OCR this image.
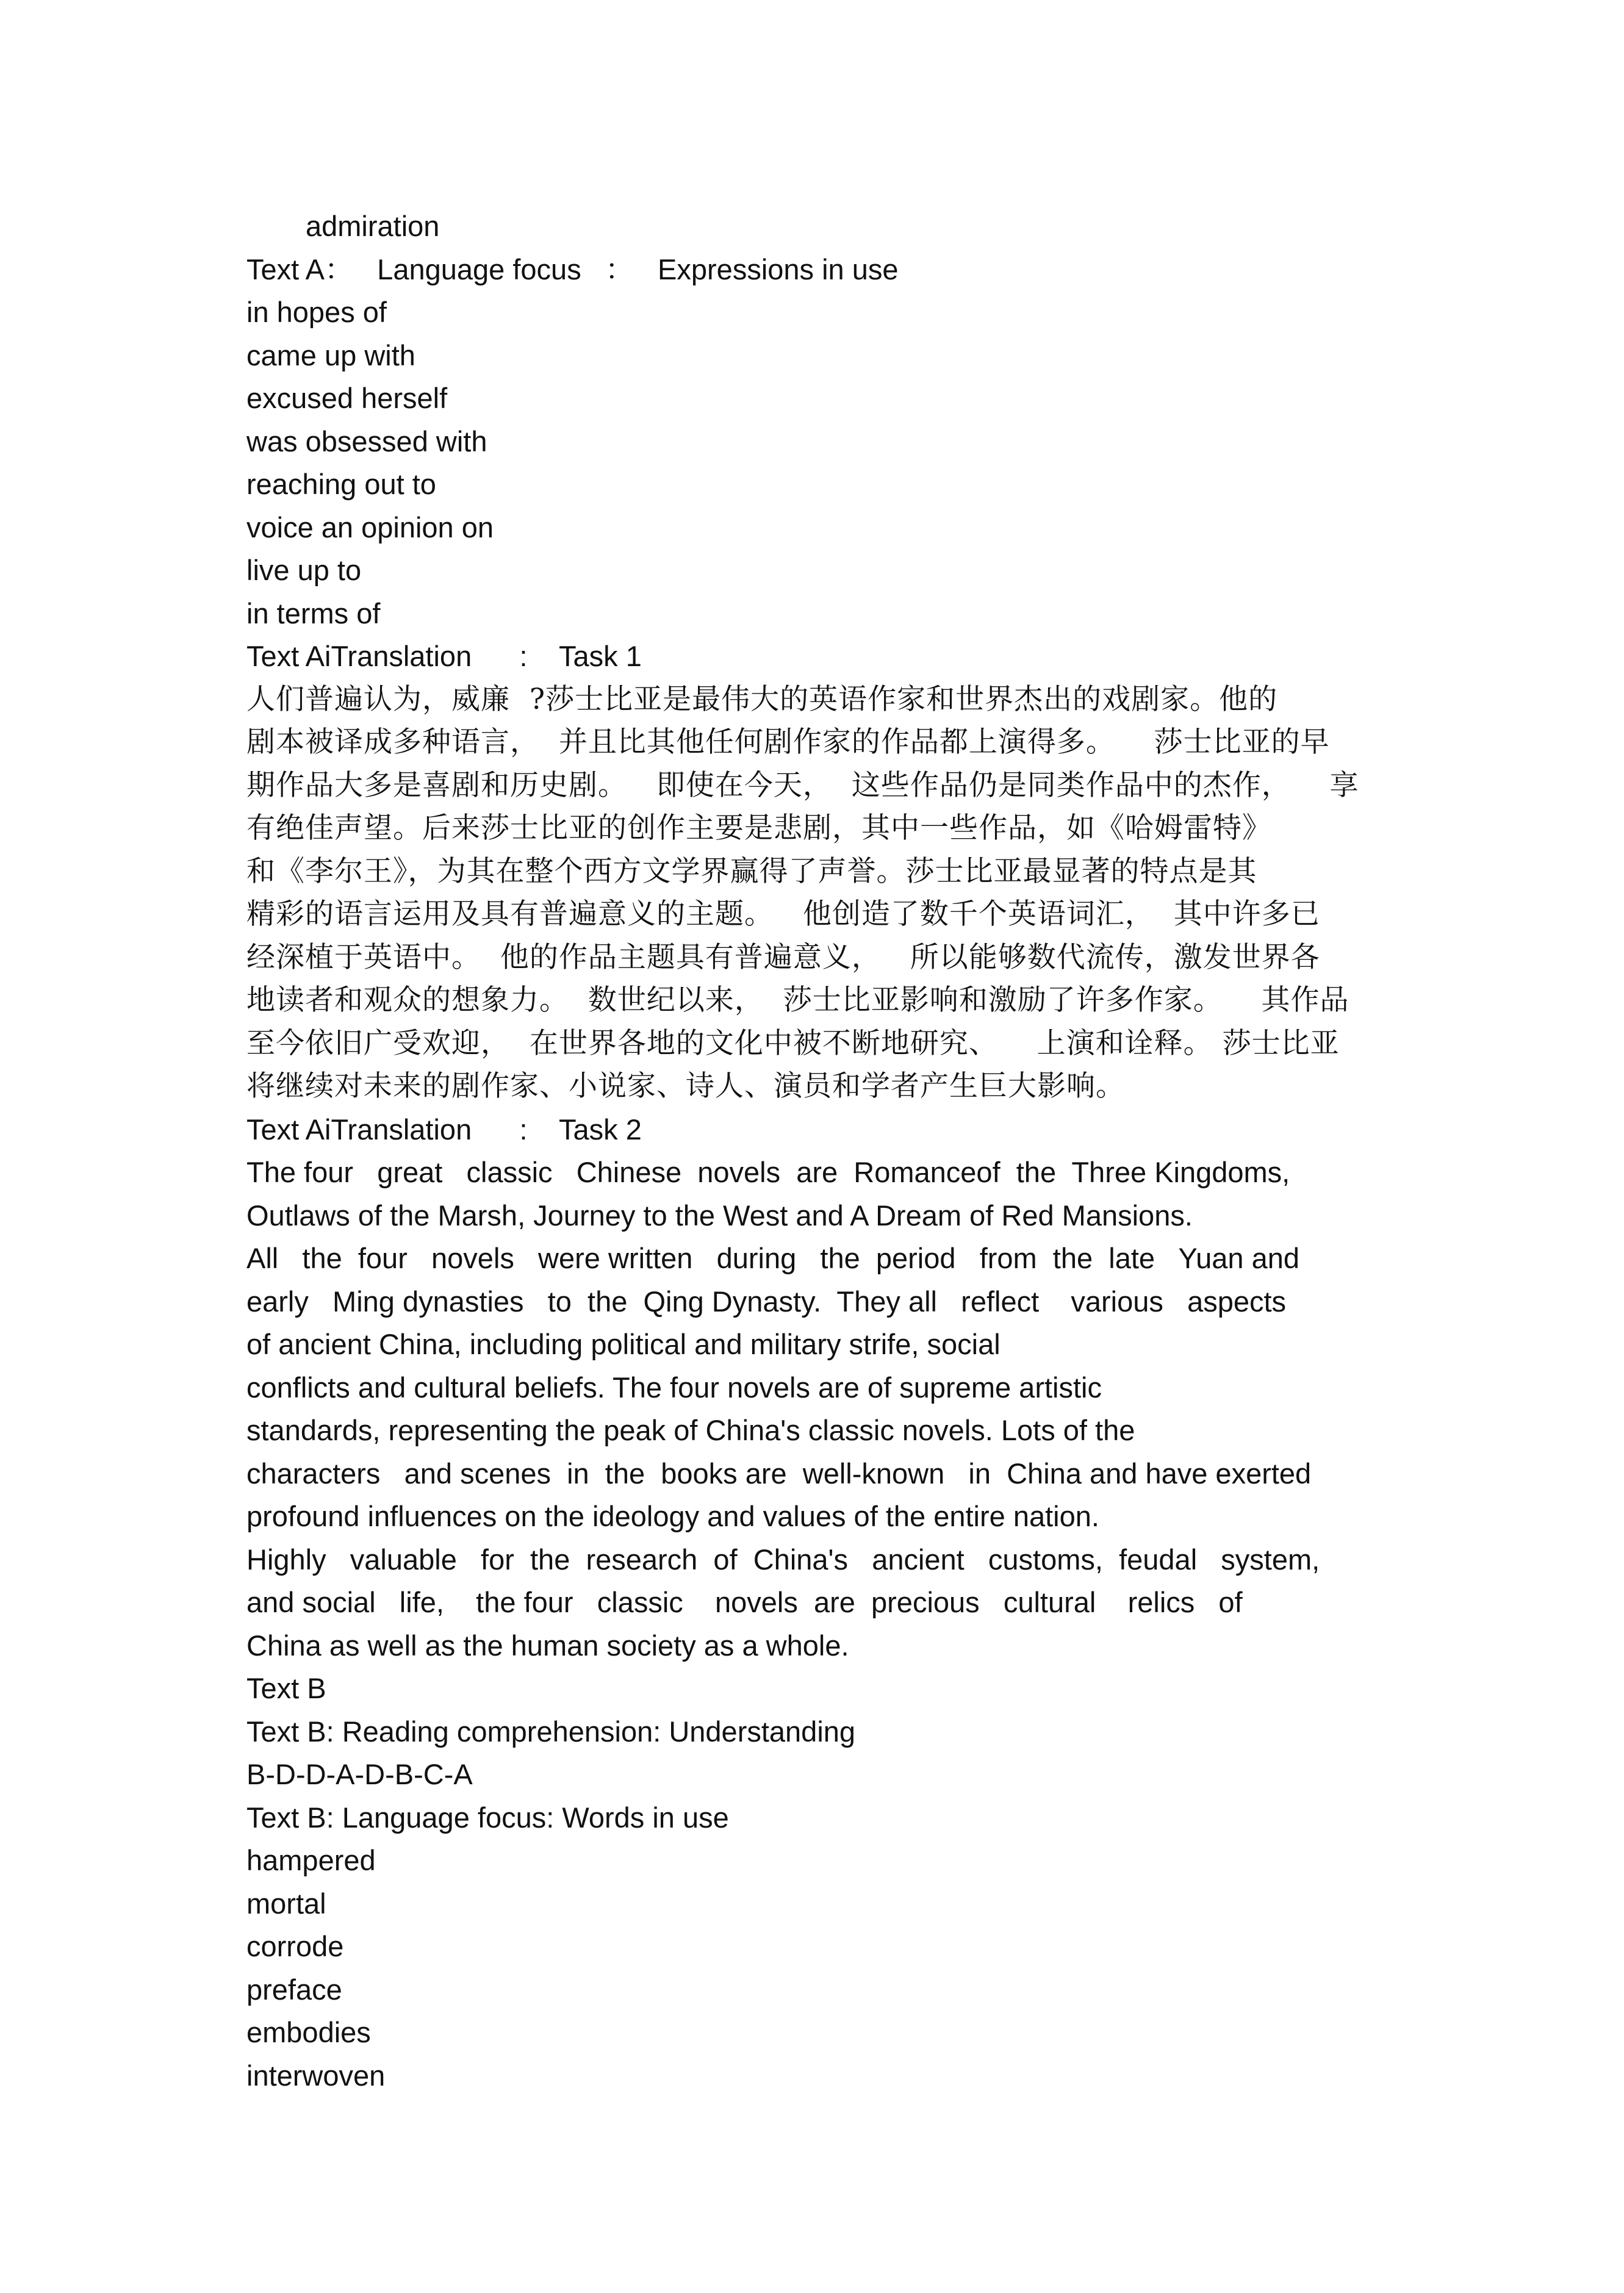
admiration
Text A：   Language focus   ：   Expressions in use
in hopes of
came up with
excused herself
was obsessed with
reaching out to
voice an opinion on
live up to
in terms of
Text AiTranslation      :    Task 1
人们普遍认为，威廉  ?莎士比亚是最伟大的英语作家和世界杰出的戏剧家。他的
剧本被译成多种语言，  并且比其他任何剧作家的作品都上演得多。    莎士比亚的早
期作品大多是喜剧和历史剧。   即使在今天，  这些作品仍是同类作品中的杰作，    享
有绝佳声望。后来莎士比亚的创作主要是悲剧，其中一些作品，如《哈姆雷特》
和《李尔王》，为其在整个西方文学界赢得了声誉。莎士比亚最显著的特点是其
精彩的语言运用及具有普遍意义的主题。   他创造了数千个英语词汇，  其中许多已
经深植于英语中。  他的作品主题具有普遍意义，   所以能够数代流传，激发世界各
地读者和观众的想象力。  数世纪以来，  莎士比亚影响和激励了许多作家。    其作品
至今依旧广受欢迎，  在世界各地的文化中被不断地研究、    上演和诠释。 莎士比亚
将继续对未来的剧作家、小说家、诗人、演员和学者产生巨大影响。
Text AiTranslation      :    Task 2
The four   great   classic   Chinese  novels  are  Romanceof  the  Three Kingdoms,
Outlaws of the Marsh, Journey to the West and A Dream of Red Mansions.
All   the  four   novels   were written   during   the  period   from  the  late   Yuan and
early   Ming dynasties   to  the  Qing Dynasty.  They all   reflect    various   aspects
of ancient China, including political and military strife, social
conflicts and cultural beliefs. The four novels are of supreme artistic
standards, representing the peak of China's classic novels. Lots of the
characters   and scenes  in  the  books are  well-known   in  China and have exerted
profound influences on the ideology and values of the entire nation.
Highly   valuable   for  the  research  of  China's   ancient   customs,  feudal   system,
and social   life,    the four   classic    novels  are  precious   cultural    relics   of
China as well as the human society as a whole.
Text B
Text B: Reading comprehension: Understanding
B-D-D-A-D-B-C-A
Text B: Language focus: Words in use
hampered
mortal
corrode
preface
embodies
interwoven
